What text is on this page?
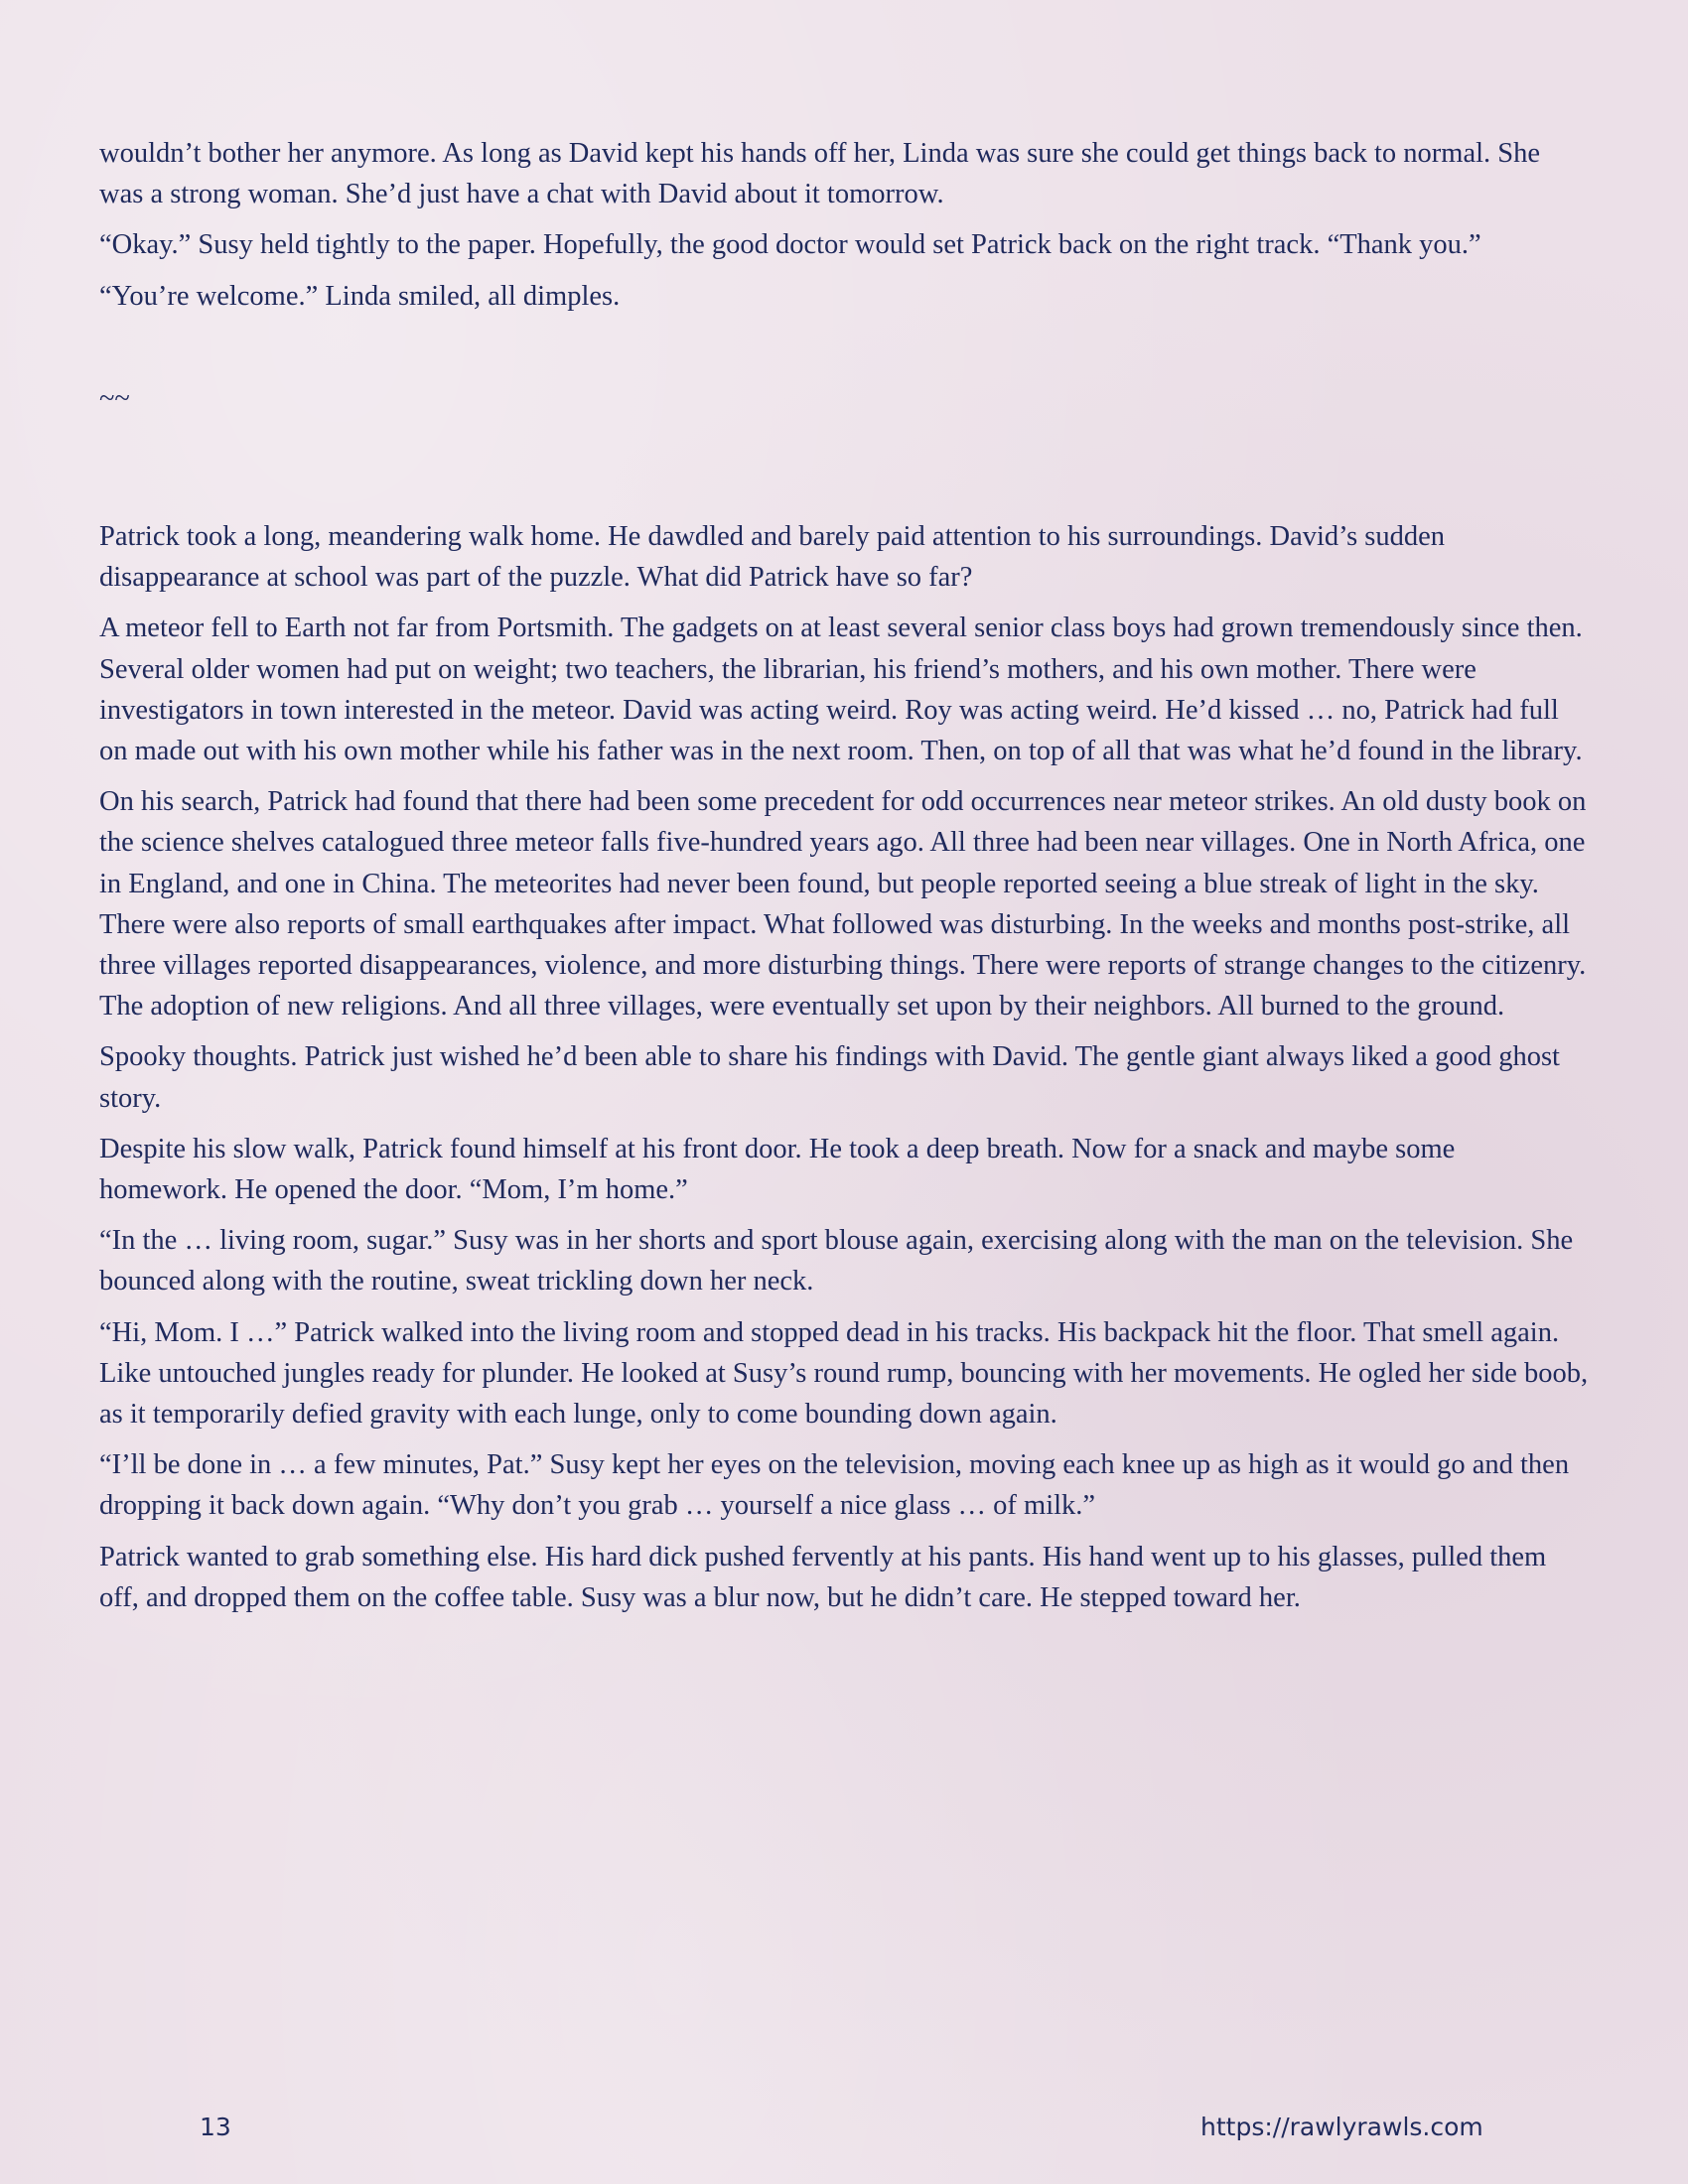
wouldn’t bother her anymore. As long as David kept his hands off her, Linda was sure she could get things back to normal. She was a strong woman. She’d just have a chat with David about it tomorrow.

“Okay.” Susy held tightly to the paper. Hopefully, the good doctor would set Patrick back on the right track. “Thank you.”

“You’re welcome.” Linda smiled, all dimples.

~~

Patrick took a long, meandering walk home. He dawdled and barely paid attention to his surroundings. David’s sudden disappearance at school was part of the puzzle. What did Patrick have so far?

A meteor fell to Earth not far from Portsmith. The gadgets on at least several senior class boys had grown tremendously since then. Several older women had put on weight; two teachers, the librarian, his friend’s mothers, and his own mother. There were investigators in town interested in the meteor. David was acting weird. Roy was acting weird. He’d kissed … no, Patrick had full on made out with his own mother while his father was in the next room. Then, on top of all that was what he’d found in the library.

On his search, Patrick had found that there had been some precedent for odd occurrences near meteor strikes. An old dusty book on the science shelves catalogued three meteor falls five-hundred years ago. All three had been near villages. One in North Africa, one in England, and one in China. The meteorites had never been found, but people reported seeing a blue streak of light in the sky. There were also reports of small earthquakes after impact. What followed was disturbing. In the weeks and months post-strike, all three villages reported disappearances, violence, and more disturbing things. There were reports of strange changes to the citizenry. The adoption of new religions. And all three villages, were eventually set upon by their neighbors. All burned to the ground.

Spooky thoughts. Patrick just wished he’d been able to share his findings with David. The gentle giant always liked a good ghost story.

Despite his slow walk, Patrick found himself at his front door. He took a deep breath. Now for a snack and maybe some homework. He opened the door. “Mom, I’m home.”

“In the … living room, sugar.” Susy was in her shorts and sport blouse again, exercising along with the man on the television. She bounced along with the routine, sweat trickling down her neck.

“Hi, Mom. I …” Patrick walked into the living room and stopped dead in his tracks. His backpack hit the floor. That smell again. Like untouched jungles ready for plunder. He looked at Susy’s round rump, bouncing with her movements. He ogled her side boob, as it temporarily defied gravity with each lunge, only to come bounding down again.

“I’ll be done in … a few minutes, Pat.” Susy kept her eyes on the television, moving each knee up as high as it would go and then dropping it back down again. “Why don’t you grab … yourself a nice glass … of milk.”

Patrick wanted to grab something else. His hard dick pushed fervently at his pants. His hand went up to his glasses, pulled them off, and dropped them on the coffee table. Susy was a blur now, but he didn’t care. He stepped toward her.

13	https://rawlyrawls.com
